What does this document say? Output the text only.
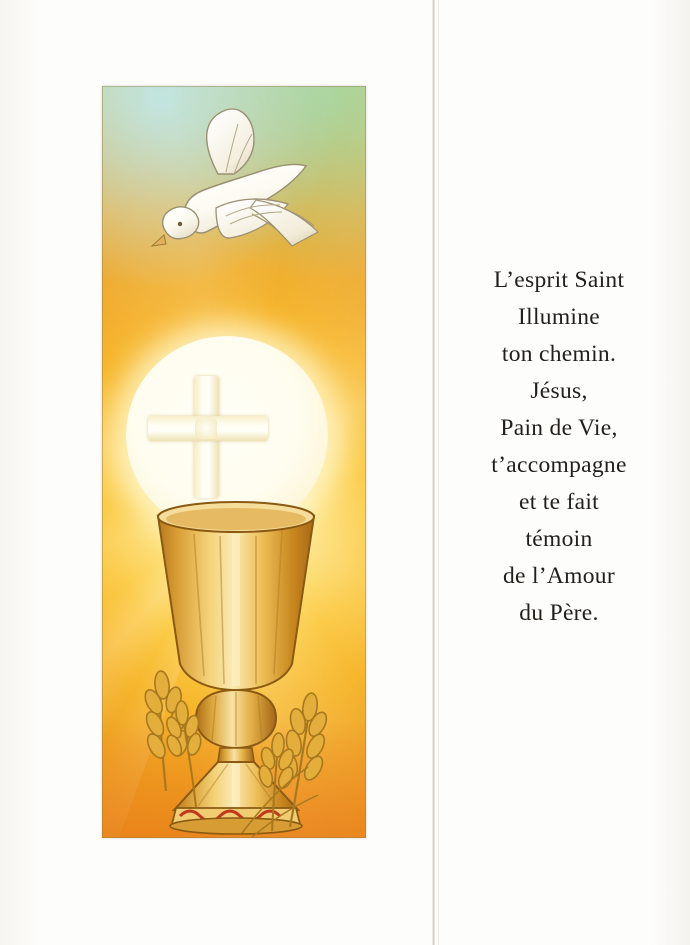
L’esprit Saint
Illumine
ton chemin.
Jésus,
Pain de Vie,
t’accompagne
et te fait
témoin
de l’Amour
du Père.
